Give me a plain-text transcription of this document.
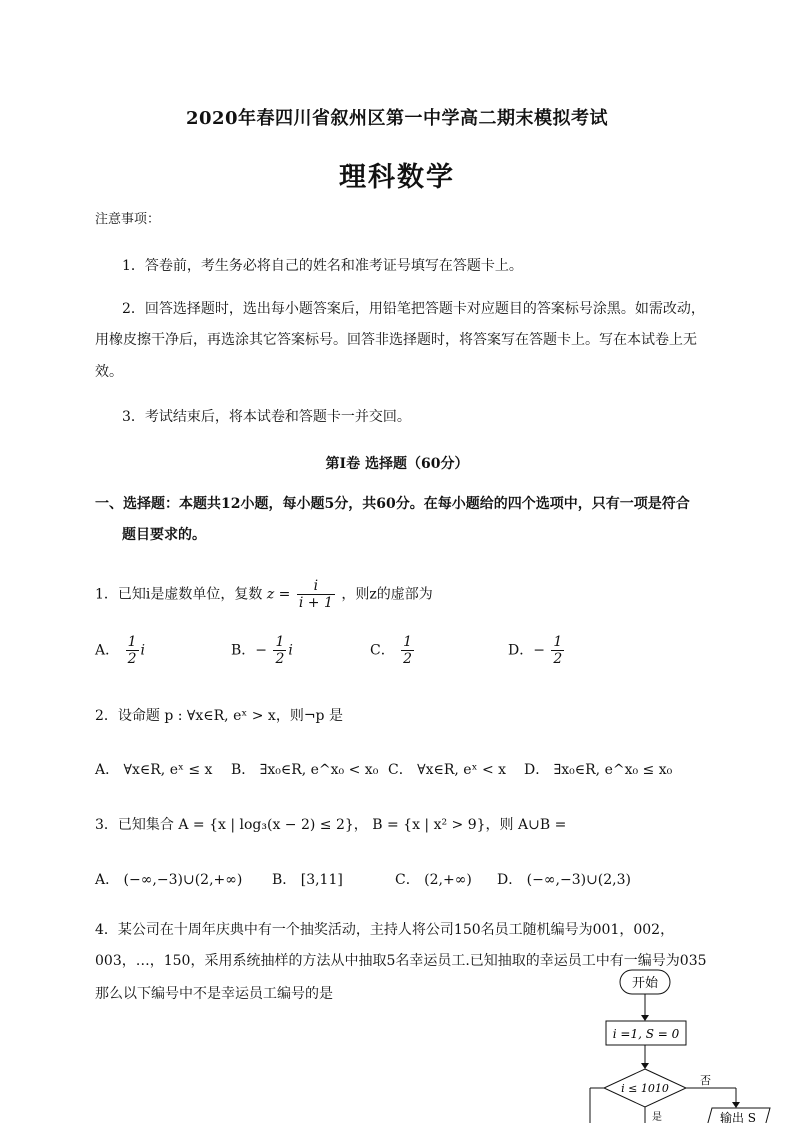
2020年春四川省叙州区第一中学高二期末模拟考试
理科数学
注意事项：
1．答卷前，考生务必将自己的姓名和准考证号填写在答题卡上。
2．回答选择题时，选出每小题答案后，用铅笔把答题卡对应题目的答案标号涂黑。如需改动，
用橡皮擦干净后，再选涂其它答案标号。回答非选择题时，将答案写在答题卡上。写在本试卷上无
效。
3．考试结束后，将本试卷和答题卡一并交回。
第Ⅰ卷 选择题（60分）
一、选择题：本题共12小题，每小题5分，共60分。在每小题给的四个选项中，只有一项是符合
题目要求的。
1．已知i是虚数单位，复数 $z = \frac{i}{i + 1}$ ，则z的虚部为
A． $\frac{1}{2}$ i	B．− $\frac{1}{2}$ i	C． $\frac{1}{2}$	D．− $\frac{1}{2}$
2．设命题 p : ∀x∈R, eˣ > x，则¬p 是
A． ∀x∈R, eˣ ≤ x B． ∃x₀∈R, e^x₀ < x₀ C． ∀x∈R, eˣ < x D． ∃x₀∈R, e^x₀ ≤ x₀
3．已知集合 A = {x | log₃(x − 2) ≤ 2}， B = {x | x² > 9}，则 A∪B =
A． (−∞,−3)∪(2,+∞) B． [3,11]	C． (2,+∞) D． (−∞,−3)∪(2,3)
4．某公司在十周年庆典中有一个抽奖活动，主持人将公司150名员工随机编号为001，002，
003，…，150，采用系统抽样的方法从中抽取5名幸运员工.已知抽取的幸运员工中有一编号为035
那么以下编号中不是幸运员工编号的是
开始
i =1, S = 0
i ≤ 1010
否
输出 S
是
